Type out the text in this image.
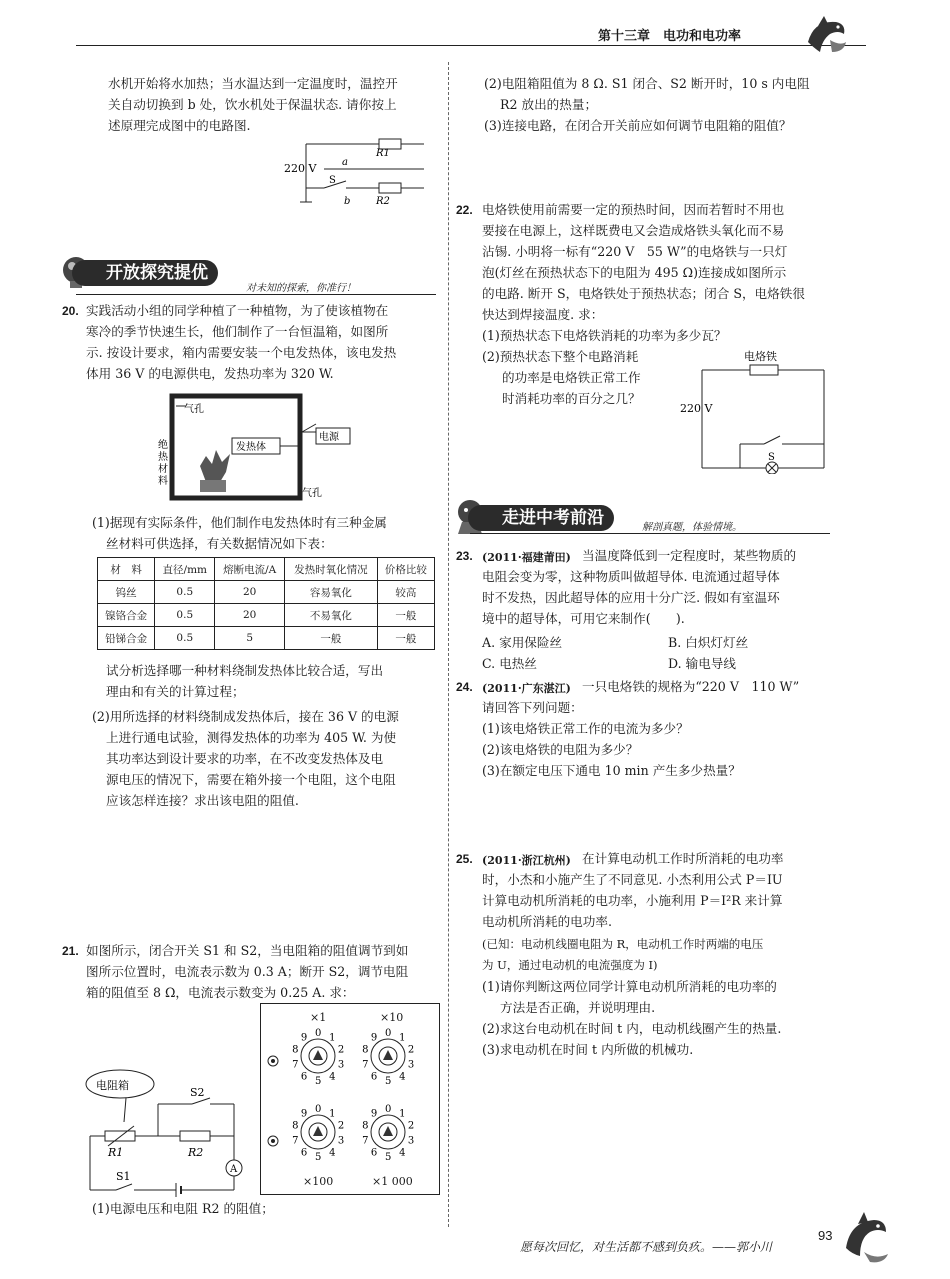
第十三章　电功和电功率
水机开始将水加热；当水温达到一定温度时，温控开
关自动切换到 b 处，饮水机处于保温状态. 请你按上
述原理完成图中的电路图.
220 V	a
b
S
R1
R2
开放探究提优
对未知的探索，你准行！
20. 实践活动小组的同学种植了一种植物，为了使该植物在
寒冷的季节快速生长，他们制作了一台恒温箱，如图所
示. 按设计要求，箱内需要安装一个电发热体，该电发热
体用 36 V 的电源供电，发热功率为 320 W.
气孔
气孔
发热体
电源
绝
热
材
料
(1)据现有实际条件，他们制作电发热体时有三种金属
丝材料可供选择，有关数据情况如下表：
材　料	直径/mm	熔断电流/A	发热时氧化情况	价格比较
钨丝	0.5	20	容易氧化	较高
镍铬合金	0.5	20	不易氧化	一般
铅锑合金	0.5	5	一般	一般
试分析选择哪一种材料绕制发热体比较合适，写出
理由和有关的计算过程；
(2)用所选择的材料绕制成发热体后，接在 36 V 的电源
上进行通电试验，测得发热体的功率为 405 W. 为使
其功率达到设计要求的功率，在不改变发热体及电
源电压的情况下，需要在箱外接一个电阻，这个电阻
应该怎样连接？求出该电阻的阻值.
21. 如图所示，闭合开关 S1 和 S2，当电阻箱的阻值调节到如
图所示位置时，电流表示数为 0.3 A；断开 S2，调节电阻
箱的阻值至 8 Ω，电流表示数变为 0.25 A. 求：
电阻箱
A
R1	R2
S1
S2
×1	×10
×100	×1 000
0 1
2
3
4
5
6
7
8
9	0 1
2
3
4
5
6
7
8
9
0 1
2
3
4
5
6
7
8
9	0 1
2
3
4
5
6
7
8
9
(1)电源电压和电阻 R2 的阻值；
(2)电阻箱阻值为 8 Ω. S1 闭合、S2 断开时，10 s 内电阻
R2 放出的热量；
(3)连接电路，在闭合开关前应如何调节电阻箱的阻值？
22. 电烙铁使用前需要一定的预热时间，因而若暂时不用也
要接在电源上，这样既费电又会造成烙铁头氧化而不易
沾锡. 小明将一标有“220 V　55 W”的电烙铁与一只灯
泡(灯丝在预热状态下的电阻为 495 Ω)连接成如图所示
的电路. 断开 S，电烙铁处于预热状态；闭合 S，电烙铁很
快达到焊接温度. 求：
(1)预热状态下电烙铁消耗的功率为多少瓦？
(2)预热状态下整个电路消耗
的功率是电烙铁正常工作
时消耗功率的百分之几？
电烙铁
220 V
S
走进中考前沿	解剖真题，体验情境。
23. (2011·福建莆田) 当温度降低到一定程度时，某些物质的
电阻会变为零，这种物质叫做超导体. 电流通过超导体
时不发热，因此超导体的应用十分广泛. 假如有室温环
境中的超导体，可用它来制作(　　).
A. 家用保险丝	B. 白炽灯灯丝
C. 电热丝	D. 输电导线
24. (2011·广东湛江) 一只电烙铁的规格为“220 V　110 W”
请回答下列问题：
(1)该电烙铁正常工作的电流为多少？
(2)该电烙铁的电阻为多少？
(3)在额定电压下通电 10 min 产生多少热量？
25. (2011·浙江杭州) 在计算电动机工作时所消耗的电功率
时，小杰和小施产生了不同意见. 小杰利用公式 P＝IU
计算电动机所消耗的电功率，小施利用 P＝I²R 来计算
电动机所消耗的电功率.
(已知：电动机线圈电阻为 R，电动机工作时两端的电压
为 U，通过电动机的电流强度为 I)
(1)请你判断这两位同学计算电动机所消耗的电功率的
方法是否正确，并说明理由.
(2)求这台电动机在时间 t 内，电动机线圈产生的热量.
(3)求电动机在时间 t 内所做的机械功.
愿每次回忆，对生活都不感到负疚。——郭小川
93
